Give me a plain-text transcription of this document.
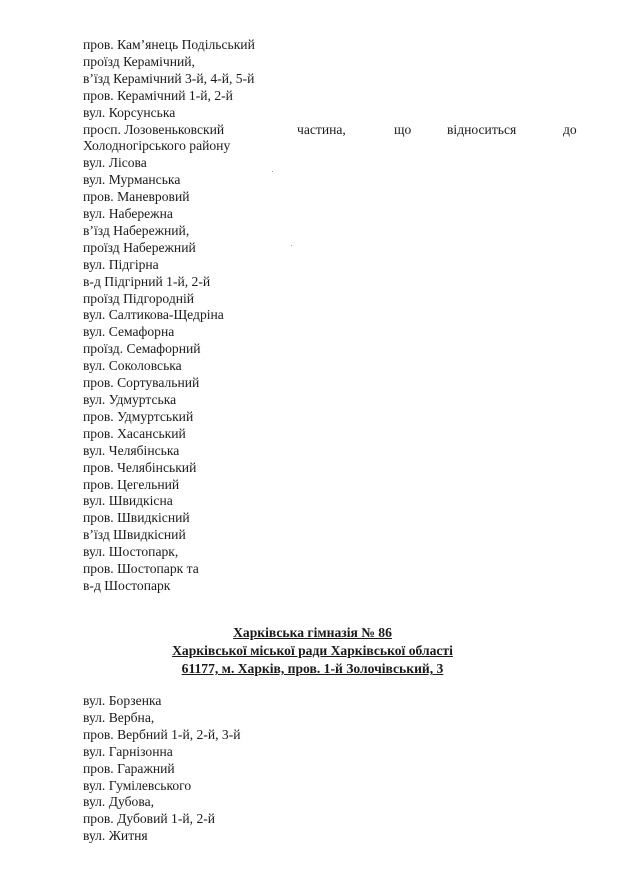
пров. Кам’янець Подільський
проїзд Керамічний,
в’їзд Керамічний 3-й, 4-й, 5-й
пров. Керамічний 1-й, 2-й
вул. Корсунська
просп. Лозовеньковский	частина,	що	відноситься	до
Холодногірського району
вул. Лісова
вул. Мурманська
пров. Маневровий
вул. Набережна
в’їзд Набережний,
проїзд Набережний
вул. Підгірна
в-д Підгірний 1-й, 2-й
проїзд Підгородній
вул. Салтикова-Щедріна
вул. Семафорна
проїзд. Семафорний
вул. Соколовська
пров. Сортувальний
вул. Удмуртська
пров. Удмуртський
пров. Хасанський
вул. Челябінська
пров. Челябінський
пров. Цегельний
вул. Швидкісна
пров. Швидкісний
в’їзд Швидкісний
вул. Шостопарк,
пров. Шостопарк та
в-д Шостопарк
Харківська гімназія № 86
Харківської міської ради Харківської області
61177, м. Харків, пров. 1-й Золочівський, 3
вул. Борзенка
вул. Вербна,
пров. Вербний 1-й, 2-й, 3-й
вул. Гарнізонна
пров. Гаражний
вул. Гумілевського
вул. Дубова,
пров. Дубовий 1-й, 2-й
вул. Житня
